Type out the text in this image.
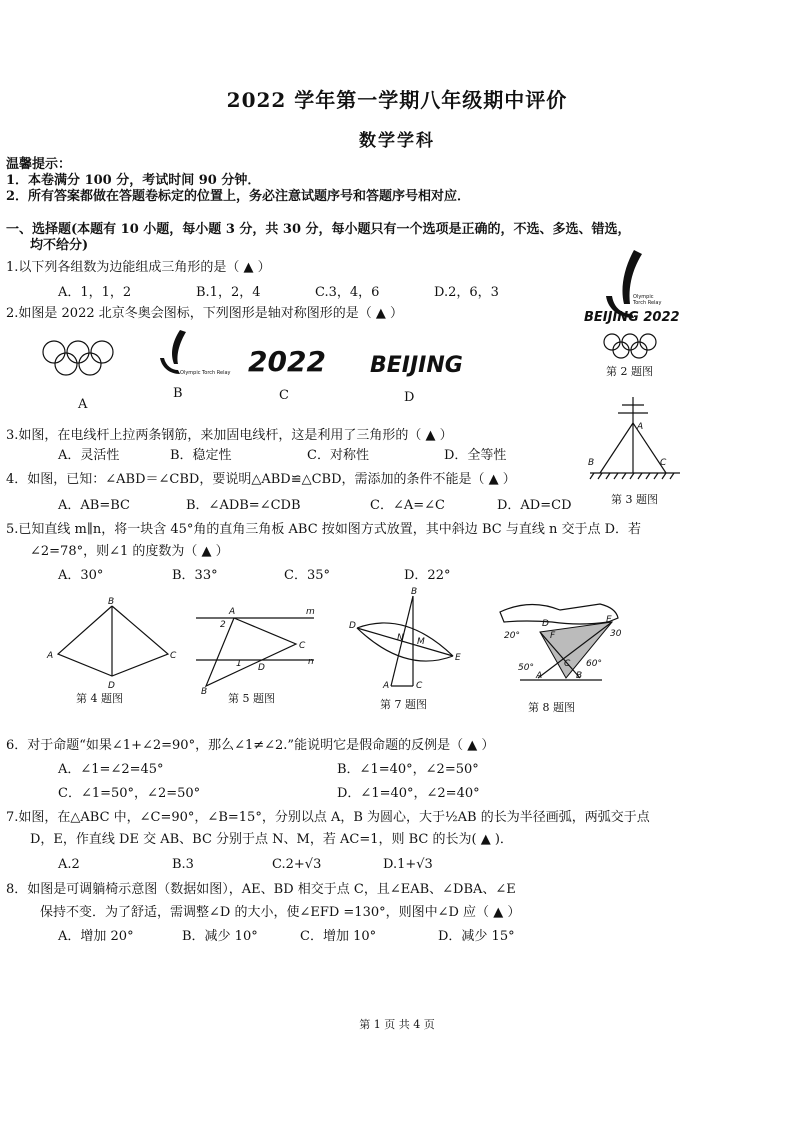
2022 学年第一学期八年级期中评价
数学学科
温馨提示：
1．本卷满分 100 分，考试时间 90 分钟．
2．所有答案都做在答题卷标定的位置上，务必注意试题序号和答题序号相对应．
一、选择题(本题有 10 小题，每小题 3 分，共 30 分，每小题只有一个选项是正确的，不选、多选、错选，
均不给分)
1.以下列各组数为边能组成三角形的是（ ▲ ）
A．1，1，2	B.1，2，4	C.3，4，6	D.2，6，3
2.如图是 2022 北京冬奥会图标，下列图形是轴对称图形的是（ ▲ ）
Olympic Torch Relay 2022 BEIJING
A
B	C	D
Olympic
Torch Relay
BEIJING 2022
第 2 题图
3.如图，在电线杆上拉两条钢筋，来加固电线杆，这是利用了三角形的（ ▲ ）
A．灵活性	B．稳定性	C．对称性	D．全等性
A
B	C
第 3 题图
4．如图，已知：∠ABD＝∠CBD，要说明△ABD≌△CBD，需添加的条件不能是（ ▲ ）
A．AB=BC	B．∠ADB=∠CDB	C．∠A=∠C	D．AD=CD
5.已知直线 m∥n，将一块含 45°角的直角三角板 ABC 按如图方式放置，其中斜边 BC 与直线 n 交于点 D．若
∠2=78°，则∠1 的度数为（ ▲ ）
A．30°	B．33°	C．35°	D．22°
B
A	C
D
第 4 题图
A
2
m
C
1 D
n
B 第 5 题图
B
D
N M
E
A	C
第 7 题图
D	E
20°	F	30
50°	60°
C
A	B
第 8 题图
6．对于命题“如果∠1+∠2=90°，那么∠1≠∠2.”能说明它是假命题的反例是（ ▲ ）
A．∠1=∠2=45°	B．∠1=40°，∠2=50°
C．∠1=50°，∠2=50°	D．∠1=40°，∠2=40°
7.如图，在△ABC 中，∠C=90°，∠B=15°，分别以点 A，B 为圆心，大于½AB 的长为半径画弧，两弧交于点
D，E，作直线 DE 交 AB、BC 分别于点 N、M，若 AC=1，则 BC 的长为( ▲ )．
A.2	B.3	C.2+√3	D.1+√3
8．如图是可调躺椅示意图（数据如图），AE、BD 相交于点 C，且∠EAB、∠DBA、∠E
保持不变．为了舒适，需调整∠D 的大小，使∠EFD =130°，则图中∠D 应（ ▲ ）
A．增加 20°	B．减少 10°	C．增加 10°	D．减少 15°
第 1 页 共 4 页
